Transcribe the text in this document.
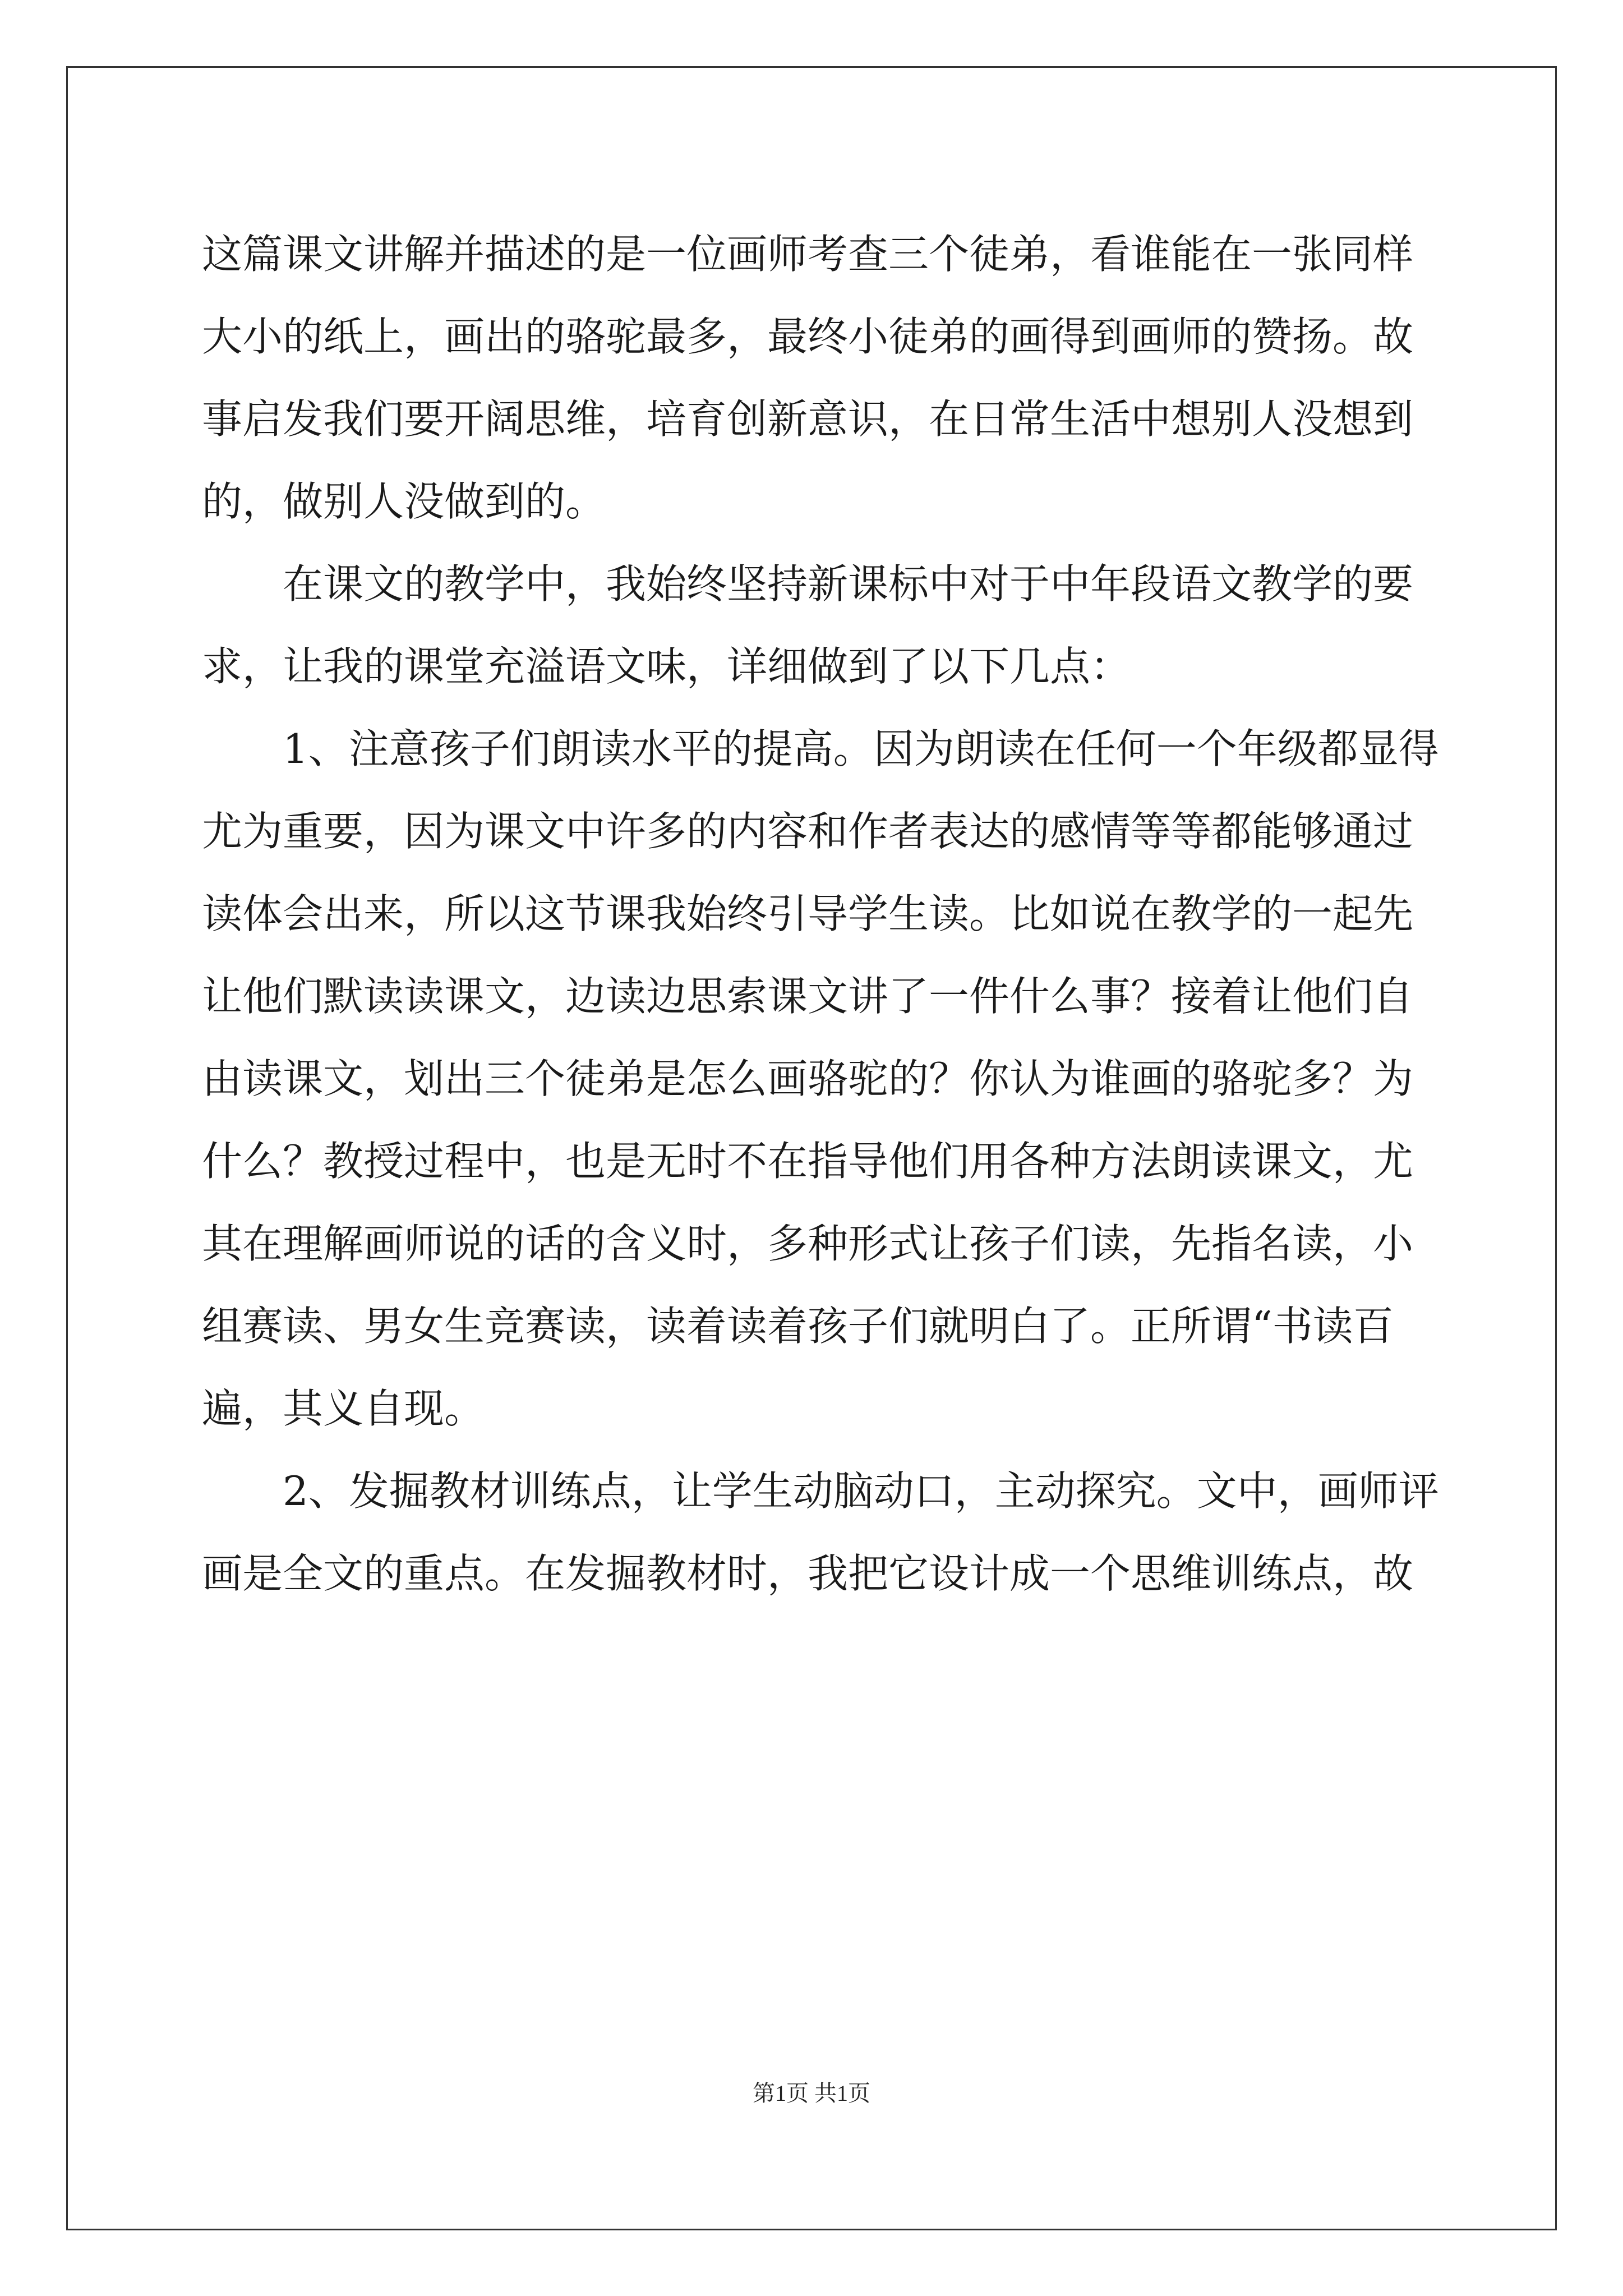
这篇课文讲解并描述的是一位画师考查三个徒弟，看谁能在一张同样
大小的纸上，画出的骆驼最多，最终小徒弟的画得到画师的赞扬。故
事启发我们要开阔思维，培育创新意识，在日常生活中想别人没想到
的，做别人没做到的。
在课文的教学中，我始终坚持新课标中对于中年段语文教学的要
求，让我的课堂充溢语文味，详细做到了以下几点：
1、注意孩子们朗读水平的提高。因为朗读在任何一个年级都显得
尤为重要，因为课文中许多的内容和作者表达的感情等等都能够通过
读体会出来，所以这节课我始终引导学生读。比如说在教学的一起先
让他们默读读课文，边读边思索课文讲了一件什么事？接着让他们自
由读课文，划出三个徒弟是怎么画骆驼的？你认为谁画的骆驼多？为
什么？教授过程中，也是无时不在指导他们用各种方法朗读课文，尤
其在理解画师说的话的含义时，多种形式让孩子们读，先指名读，小
组赛读、男女生竞赛读，读着读着孩子们就明白了。正所谓“书读百
遍，其义自现。
2、发掘教材训练点，让学生动脑动口，主动探究。文中，画师评
画是全文的重点。在发掘教材时，我把它设计成一个思维训练点，故
第1页 共1页
